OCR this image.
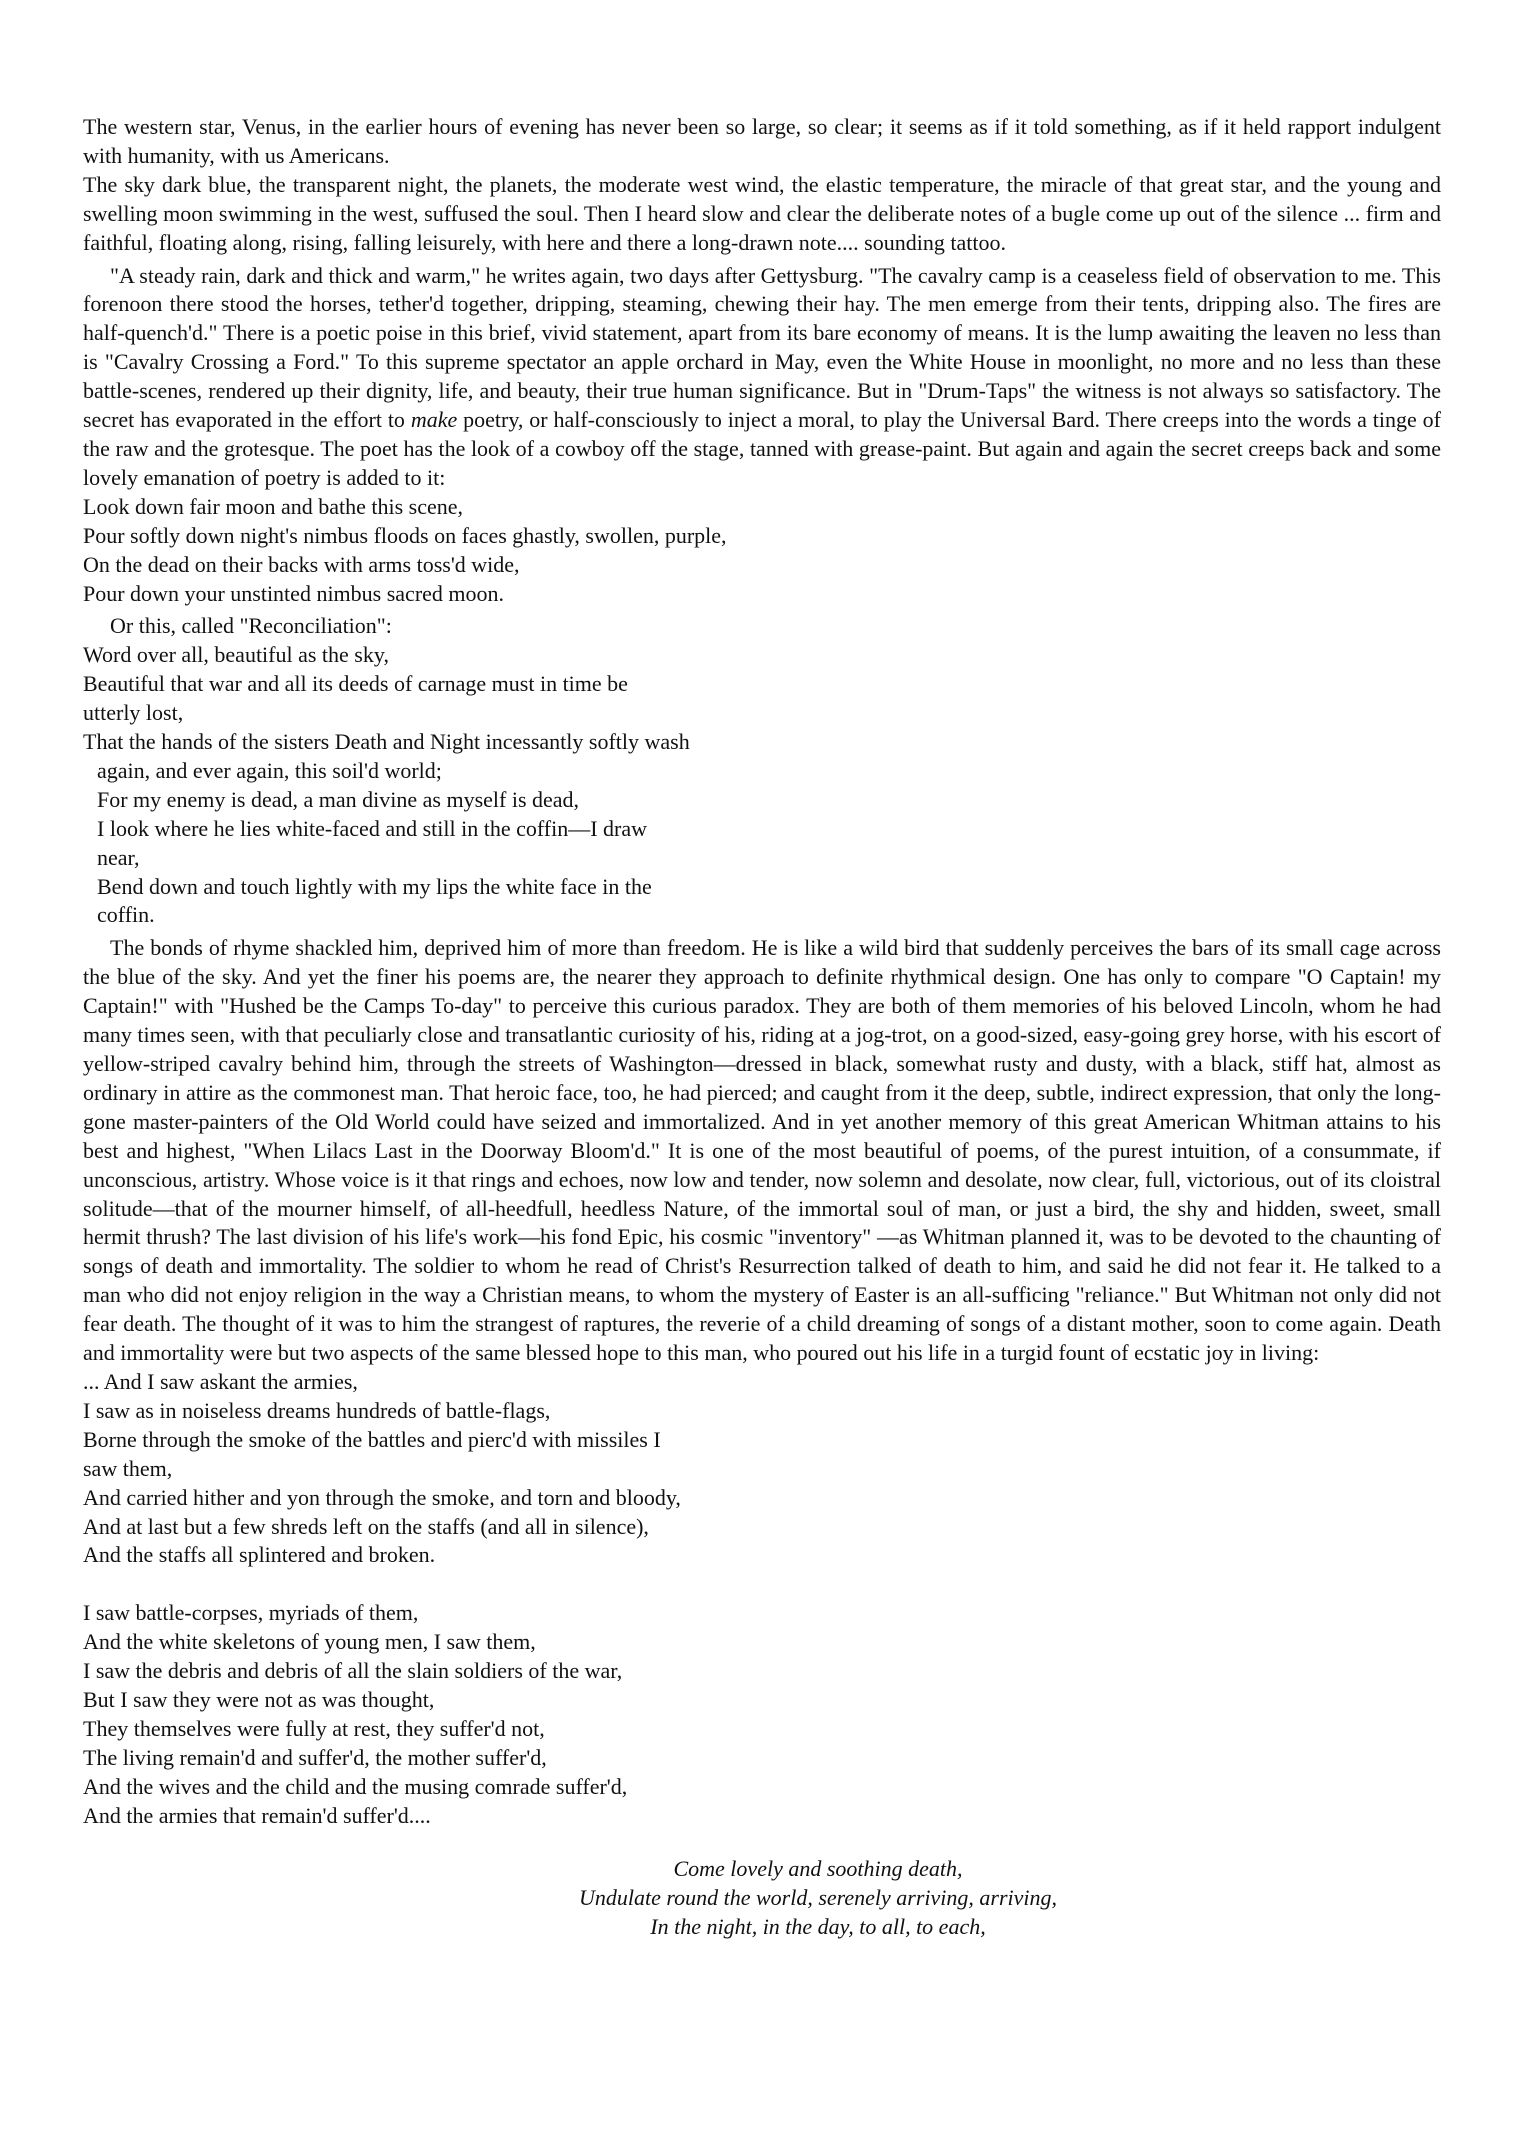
The western star, Venus, in the earlier hours of evening has never been so large, so clear; it seems as if it told something, as if it held rapport indulgent with humanity, with us Americans.

The sky dark blue, the transparent night, the planets, the moderate west wind, the elastic temperature, the miracle of that great star, and the young and swelling moon swimming in the west, suffused the soul. Then I heard slow and clear the deliberate notes of a bugle come up out of the silence ... firm and faithful, floating along, rising, falling leisurely, with here and there a long-drawn note.... sounding tattoo.

"A steady rain, dark and thick and warm," he writes again, two days after Gettysburg. "The cavalry camp is a ceaseless field of observation to me. This forenoon there stood the horses, tether'd together, dripping, steaming, chewing their hay. The men emerge from their tents, dripping also. The fires are half-quench'd." There is a poetic poise in this brief, vivid statement, apart from its bare economy of means. It is the lump awaiting the leaven no less than is "Cavalry Crossing a Ford." To this supreme spectator an apple orchard in May, even the White House in moonlight, no more and no less than these battle-scenes, rendered up their dignity, life, and beauty, their true human significance. But in "Drum-Taps" the witness is not always so satisfactory. The secret has evaporated in the effort to make poetry, or half-consciously to inject a moral, to play the Universal Bard. There creeps into the words a tinge of the raw and the grotesque. The poet has the look of a cowboy off the stage, tanned with grease-paint. But again and again the secret creeps back and some lovely emanation of poetry is added to it:

Look down fair moon and bathe this scene,
Pour softly down night's nimbus floods on faces ghastly, swollen, purple,
On the dead on their backs with arms toss'd wide,
Pour down your unstinted nimbus sacred moon.

Or this, called "Reconciliation":

Word over all, beautiful as the sky,
Beautiful that war and all its deeds of carnage must in time be
utterly lost,
That the hands of the sisters Death and Night incessantly softly wash
again, and ever again, this soil'd world;
For my enemy is dead, a man divine as myself is dead,
I look where he lies white-faced and still in the coffin—I draw
near,
Bend down and touch lightly with my lips the white face in the
coffin.

The bonds of rhyme shackled him, deprived him of more than freedom. He is like a wild bird that suddenly perceives the bars of its small cage across the blue of the sky. And yet the finer his poems are, the nearer they approach to definite rhythmical design. One has only to compare "O Captain! my Captain!" with "Hushed be the Camps To-day" to perceive this curious paradox. They are both of them memories of his beloved Lincoln, whom he had many times seen, with that peculiarly close and transatlantic curiosity of his, riding at a jog-trot, on a good-sized, easy-going grey horse, with his escort of yellow-striped cavalry behind him, through the streets of Washington—dressed in black, somewhat rusty and dusty, with a black, stiff hat, almost as ordinary in attire as the commonest man. That heroic face, too, he had pierced; and caught from it the deep, subtle, indirect expression, that only the long-gone master-painters of the Old World could have seized and immortalized. And in yet another memory of this great American Whitman attains to his best and highest, "When Lilacs Last in the Doorway Bloom'd." It is one of the most beautiful of poems, of the purest intuition, of a consummate, if unconscious, artistry. Whose voice is it that rings and echoes, now low and tender, now solemn and desolate, now clear, full, victorious, out of its cloistral solitude—that of the mourner himself, of all-heedfull, heedless Nature, of the immortal soul of man, or just a bird, the shy and hidden, sweet, small hermit thrush? The last division of his life's work—his fond Epic, his cosmic "inventory" —as Whitman planned it, was to be devoted to the chaunting of songs of death and immortality. The soldier to whom he read of Christ's Resurrection talked of death to him, and said he did not fear it. He talked to a man who did not enjoy religion in the way a Christian means, to whom the mystery of Easter is an all-sufficing "reliance." But Whitman not only did not fear death. The thought of it was to him the strangest of raptures, the reverie of a child dreaming of songs of a distant mother, soon to come again. Death and immortality were but two aspects of the same blessed hope to this man, who poured out his life in a turgid fount of ecstatic joy in living:

... And I saw askant the armies,
I saw as in noiseless dreams hundreds of battle-flags,
Borne through the smoke of the battles and pierc'd with missiles I
saw them,
And carried hither and yon through the smoke, and torn and bloody,
And at last but a few shreds left on the staffs (and all in silence),
And the staffs all splintered and broken.
I saw battle-corpses, myriads of them,
And the white skeletons of young men, I saw them,
I saw the debris and debris of all the slain soldiers of the war,
But I saw they were not as was thought,
They themselves were fully at rest, they suffer'd not,
The living remain'd and suffer'd, the mother suffer'd,
And the wives and the child and the musing comrade suffer'd,
And the armies that remain'd suffer'd....
Come lovely and soothing death,
Undulate round the world, serenely arriving, arriving,
In the night, in the day, to all, to each,
